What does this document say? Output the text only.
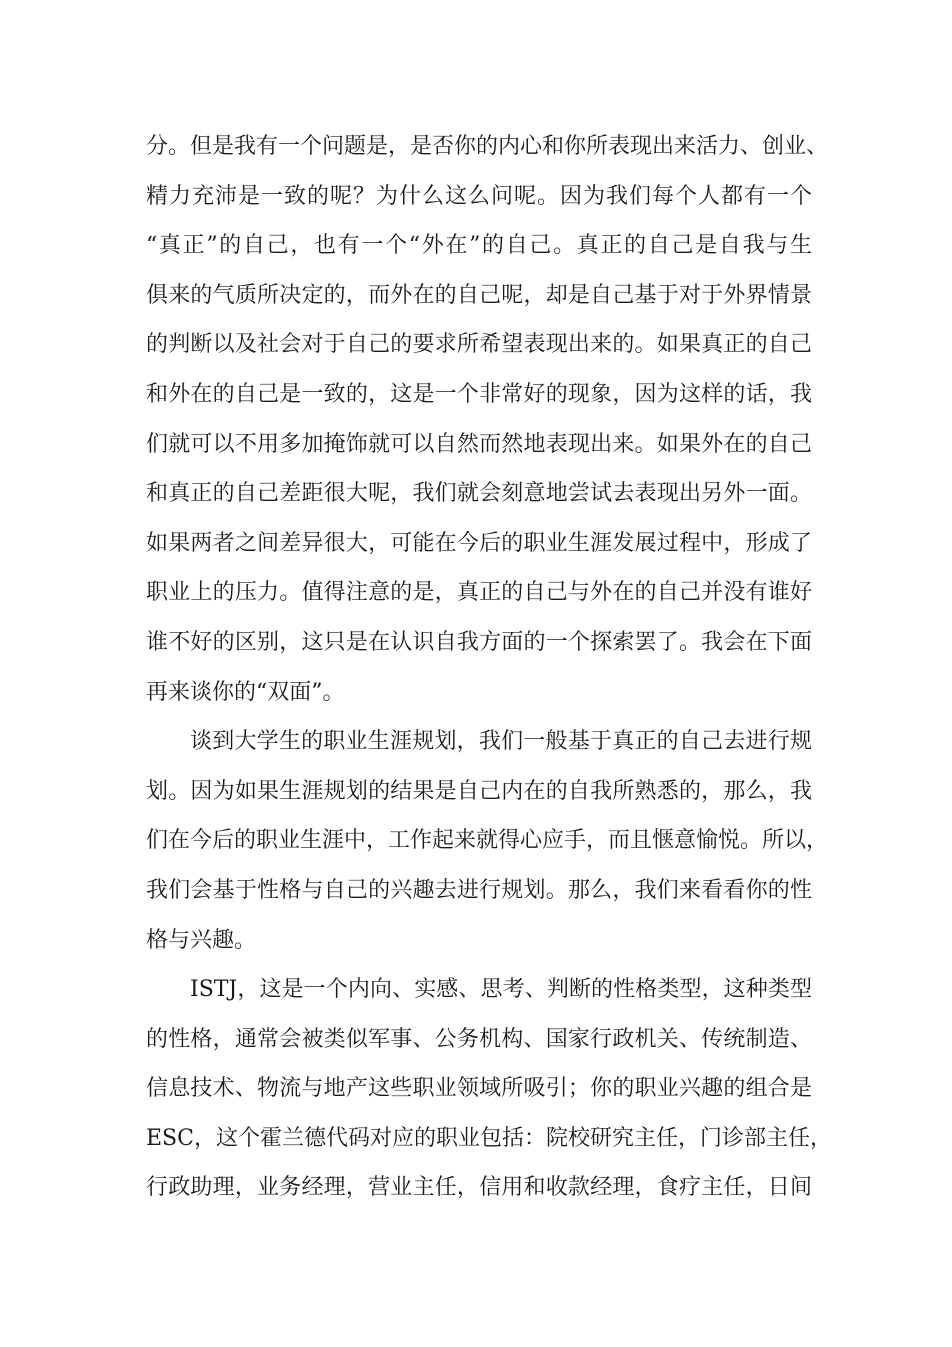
分。但是我有一个问题是，是否你的内心和你所表现出来活力、创业、
精力充沛是一致的呢？为什么这么问呢。因为我们每个人都有一个
“真正”的自己，也有一个“外在”的自己。真正的自己是自我与生
俱来的气质所决定的，而外在的自己呢，却是自己基于对于外界情景
的判断以及社会对于自己的要求所希望表现出来的。如果真正的自己
和外在的自己是一致的，这是一个非常好的现象，因为这样的话，我
们就可以不用多加掩饰就可以自然而然地表现出来。如果外在的自己
和真正的自己差距很大呢，我们就会刻意地尝试去表现出另外一面。
如果两者之间差异很大，可能在今后的职业生涯发展过程中，形成了
职业上的压力。值得注意的是，真正的自己与外在的自己并没有谁好
谁不好的区别，这只是在认识自我方面的一个探索罢了。我会在下面
再来谈你的“双面”。
谈到大学生的职业生涯规划，我们一般基于真正的自己去进行规
划。因为如果生涯规划的结果是自己内在的自我所熟悉的，那么，我
们在今后的职业生涯中，工作起来就得心应手，而且惬意愉悦。所以，
我们会基于性格与自己的兴趣去进行规划。那么，我们来看看你的性
格与兴趣。
ISTJ，这是一个内向、实感、思考、判断的性格类型，这种类型
的性格，通常会被类似军事、公务机构、国家行政机关、传统制造、
信息技术、物流与地产这些职业领域所吸引；你的职业兴趣的组合是
ESC，这个霍兰德代码对应的职业包括：院校研究主任，门诊部主任，
行政助理，业务经理，营业主任，信用和收款经理，食疗主任，日间
